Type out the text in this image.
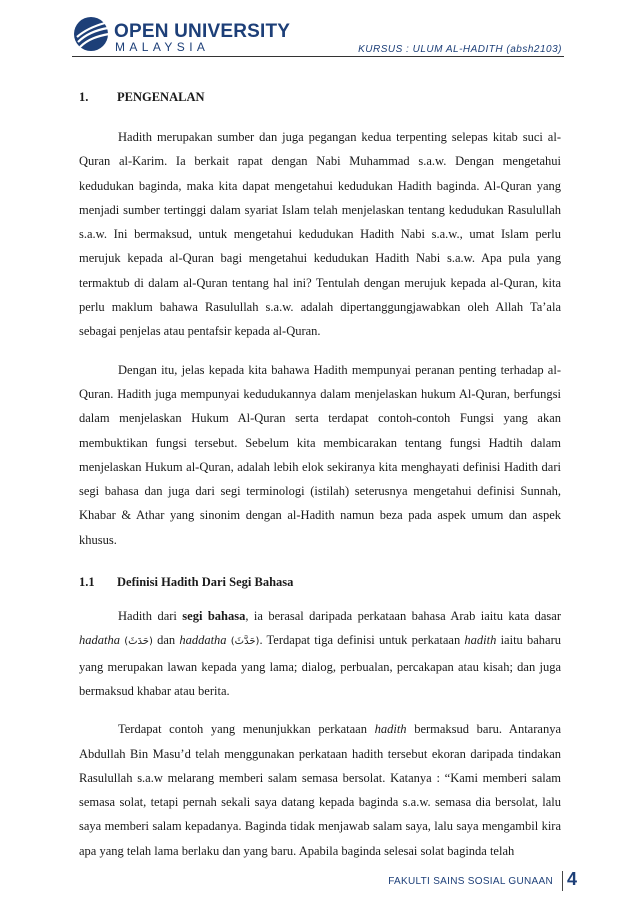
OPEN UNIVERSITY
MALAYSIA	KURSUS : ULUM AL-HADITH (absh2103)
1.	PENGENALAN

Hadith merupakan sumber dan juga pegangan kedua terpenting selepas kitab suci al-Quran al-Karim. Ia berkait rapat dengan Nabi Muhammad s.a.w. Dengan mengetahui kedudukan baginda, maka kita dapat mengetahui kedudukan Hadith baginda. Al-Quran yang menjadi sumber tertinggi dalam syariat Islam telah menjelaskan tentang kedudukan Rasulullah s.a.w. Ini bermaksud, untuk mengetahui kedudukan Hadith Nabi s.a.w., umat Islam perlu merujuk kepada al-Quran bagi mengetahui kedudukan Hadith Nabi s.a.w. Apa pula yang termaktub di dalam al-Quran tentang hal ini? Tentulah dengan merujuk kepada al-Quran, kita perlu maklum bahawa Rasulullah s.a.w. adalah dipertanggungjawabkan oleh Allah Ta’ala sebagai penjelas atau pentafsir kepada al-Quran.

Dengan itu, jelas kepada kita bahawa Hadith mempunyai peranan penting terhadap al-Quran. Hadith juga mempunyai kedudukannya dalam menjelaskan hukum Al-Quran, berfungsi dalam menjelaskan Hukum Al-Quran serta terdapat contoh-contoh Fungsi yang akan membuktikan fungsi tersebut. Sebelum kita membicarakan tentang fungsi Hadtih dalam menjelaskan Hukum al-Quran, adalah lebih elok sekiranya kita menghayati definisi Hadith dari segi bahasa dan juga dari segi terminologi (istilah) seterusnya mengetahui definisi Sunnah, Khabar & Athar yang sinonim dengan al-Hadith namun beza pada aspek umum dan aspek khusus.

1.1	Definisi Hadith Dari Segi Bahasa

Hadith dari segi bahasa, ia berasal daripada perkataan bahasa Arab iaitu kata dasar hadatha (حَدَثَ) dan haddatha (حَدَّثَ). Terdapat tiga definisi untuk perkataan hadith iaitu baharu yang merupakan lawan kepada yang lama; dialog, perbualan, percakapan atau kisah; dan juga bermaksud khabar atau berita.

Terdapat contoh yang menunjukkan perkataan hadith bermaksud baru. Antaranya Abdullah Bin Masu’d telah menggunakan perkataan hadith tersebut ekoran daripada tindakan Rasulullah s.a.w melarang memberi salam semasa bersolat. Katanya : “Kami memberi salam semasa solat, tetapi pernah sekali saya datang kepada baginda s.a.w. semasa dia bersolat, lalu saya memberi salam kepadanya. Baginda tidak menjawab salam saya, lalu saya mengambil kira apa yang telah lama berlaku dan yang baru. Apabila baginda selesai solat baginda telah

FAKULTI SAINS SOSIAL GUNAAN 4
